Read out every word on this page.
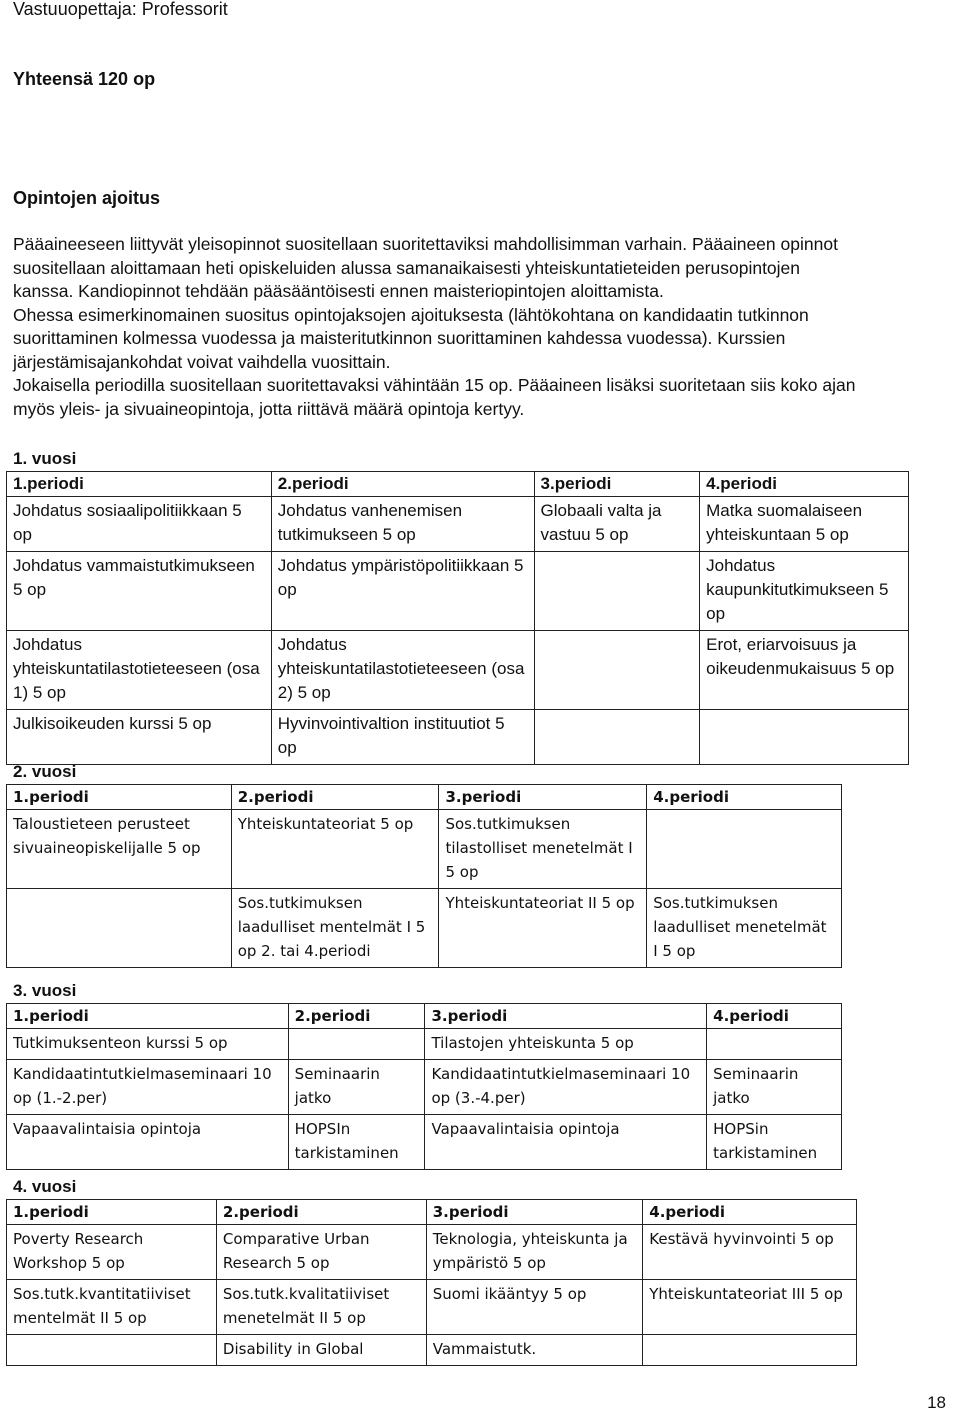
Vastuuopettaja: Professorit
Yhteensä 120 op
Opintojen ajoitus
Pääaineeseen liittyvät yleisopinnot suositellaan suoritettaviksi mahdollisimman varhain. Pääaineen opinnot
suositellaan aloittamaan heti opiskeluiden alussa samanaikaisesti yhteiskuntatieteiden perusopintojen
kanssa. Kandiopinnot tehdään pääsääntöisesti ennen maisteriopintojen aloittamista.
Ohessa esimerkinomainen suositus opintojaksojen ajoituksesta (lähtökohtana on kandidaatin tutkinnon
suorittaminen kolmessa vuodessa ja maisteritutkinnon suorittaminen kahdessa vuodessa). Kurssien
järjestämisajankohdat voivat vaihdella vuosittain.
Jokaisella periodilla suositellaan suoritettavaksi vähintään 15 op. Pääaineen lisäksi suoritetaan siis koko ajan
myös yleis- ja sivuaineopintoja, jotta riittävä määrä opintoja kertyy.
1. vuosi
1.periodi	2.periodi	3.periodi	4.periodi
Johdatus sosiaalipolitiikkaan 5 op	Johdatus vanhenemisen tutkimukseen 5 op	Globaali valta ja vastuu 5 op	Matka suomalaiseen yhteiskuntaan 5 op
Johdatus vammaistutkimukseen 5 op	Johdatus ympäristöpolitiikkaan 5 op		Johdatus kaupunkitutkimukseen 5 op
Johdatus yhteiskuntatilastotieteeseen (osa 1) 5 op	Johdatus yhteiskuntatilastotieteeseen (osa 2) 5 op		Erot, eriarvoisuus ja oikeudenmukaisuus 5 op
Julkisoikeuden kurssi 5 op	Hyvinvointivaltion instituutiot 5 op		
2. vuosi
1.periodi	2.periodi	3.periodi	4.periodi
Taloustieteen perusteet sivuaineopiskelijalle 5 op	Yhteiskuntateoriat 5 op	Sos.tutkimuksen tilastolliset menetelmät I 5 op	
	Sos.tutkimuksen laadulliset mentelmät I 5 op 2. tai 4.periodi	Yhteiskuntateoriat II 5 op	Sos.tutkimuksen laadulliset menetelmät I 5 op
3. vuosi
1.periodi	2.periodi	3.periodi	4.periodi
Tutkimuksenteon kurssi 5 op		Tilastojen yhteiskunta 5 op	
Kandidaatintutkielmaseminaari 10 op (1.-2.per)	Seminaarin jatko	Kandidaatintutkielmaseminaari 10 op (3.-4.per)	Seminaarin jatko
Vapaavalintaisia opintoja	HOPSIn tarkistaminen	Vapaavalintaisia opintoja	HOPSin tarkistaminen
4. vuosi
1.periodi	2.periodi	3.periodi	4.periodi
Poverty Research Workshop 5 op	Comparative Urban Research 5 op	Teknologia, yhteiskunta ja ympäristö 5 op	Kestävä hyvinvointi 5 op
Sos.tutk.kvantitatiiviset mentelmät II 5 op	Sos.tutk.kvalitatiiviset menetelmät II 5 op	Suomi ikääntyy 5 op	Yhteiskuntateoriat III 5 op
	Disability in Global	Vammaistutk.	
18
